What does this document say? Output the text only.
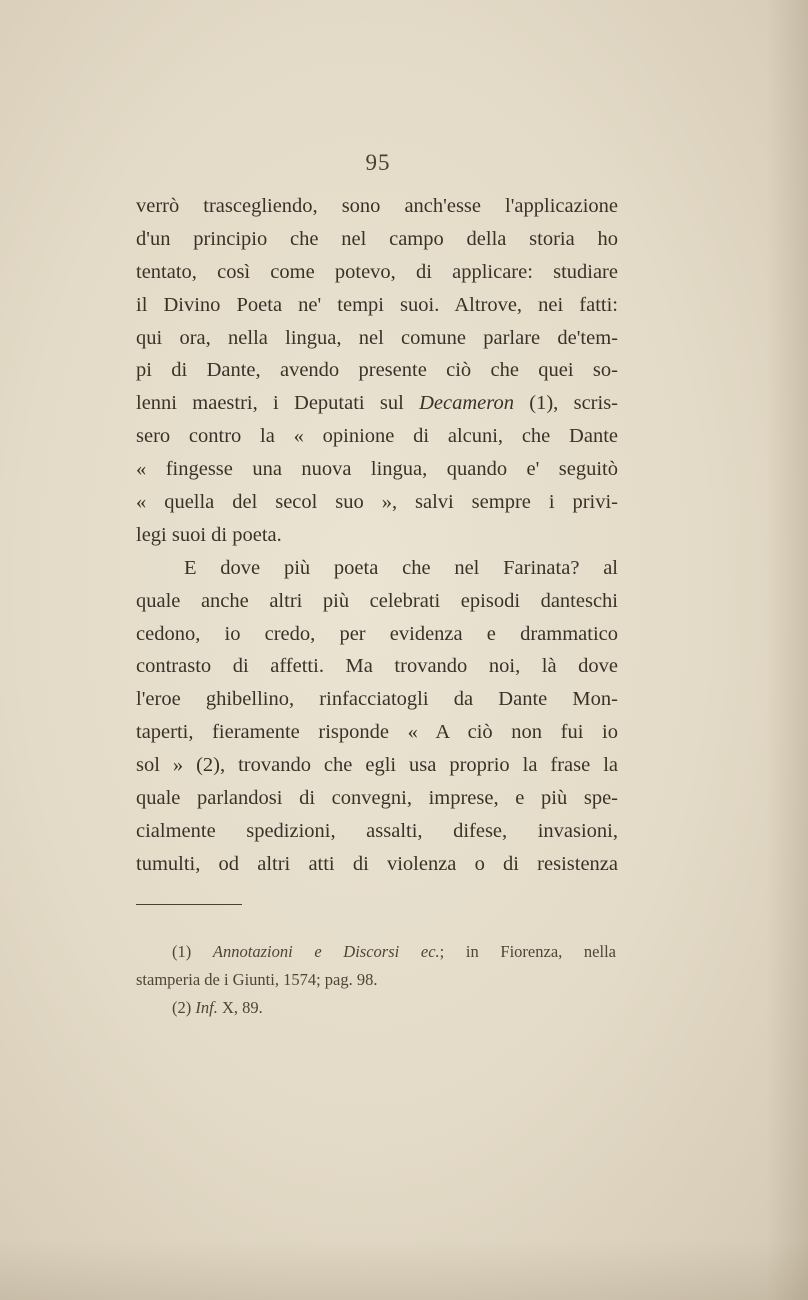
95
verrò trascegliendo, sono anch'esse l'applicazione
d'un principio che nel campo della storia ho
tentato, così come potevo, di applicare: studiare
il Divino Poeta ne' tempi suoi. Altrove, nei fatti:
qui ora, nella lingua, nel comune parlare de'tem-
pi di Dante, avendo presente ciò che quei so-
lenni maestri, i Deputati sul Decameron (1), scris-
sero contro la « opinione di alcuni, che Dante
« fingesse una nuova lingua, quando e' seguitò
« quella del secol suo », salvi sempre i privi-
legi suoi di poeta.
E dove più poeta che nel Farinata? al
quale anche altri più celebrati episodi danteschi
cedono, io credo, per evidenza e drammatico
contrasto di affetti. Ma trovando noi, là dove
l'eroe ghibellino, rinfacciatogli da Dante Mon-
taperti, fieramente risponde « A ciò non fui io
sol » (2), trovando che egli usa proprio la frase la
quale parlandosi di convegni, imprese, e più spe-
cialmente spedizioni, assalti, difese, invasioni,
tumulti, od altri atti di violenza o di resistenza
(1) Annotazioni e Discorsi ec.; in Fiorenza, nella
stamperia de i Giunti, 1574; pag. 98.
(2) Inf. X, 89.
